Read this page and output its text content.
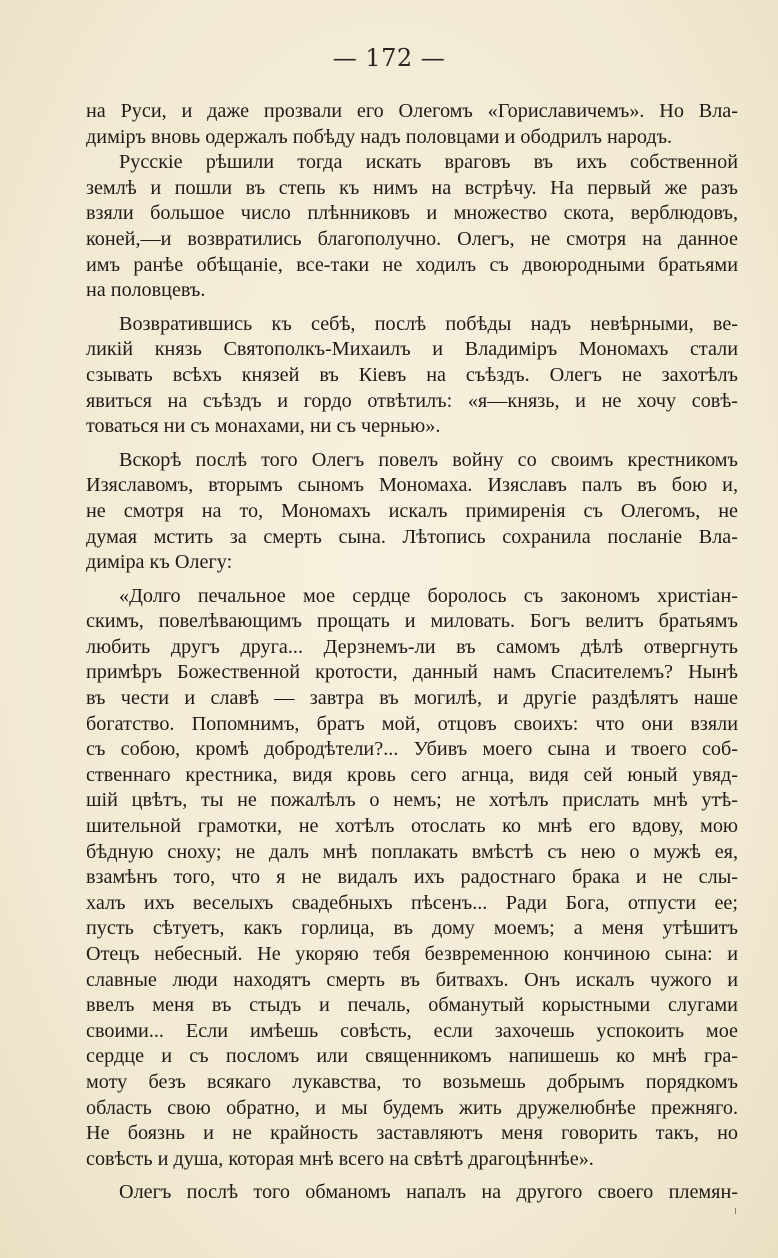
— 172 —
на Руси, и даже прозвали его Олегомъ «Гориславичемъ». Но Вла-
диміръ вновь одержалъ побѣду надъ половцами и ободрилъ народъ.
Русскіе рѣшили тогда искать враговъ въ ихъ собственной
землѣ и пошли въ степь къ нимъ на встрѣчу. На первый же разъ
взяли большое число плѣнниковъ и множество скота, верблюдовъ,
коней,—и возвратились благополучно. Олегъ, не смотря на данное
имъ ранѣе обѣщаніе, все-таки не ходилъ съ двоюродными братьями
на половцевъ.
Возвратившись къ себѣ, послѣ побѣды надъ невѣрными, ве-
ликій князь Святополкъ-Михаилъ и Владиміръ Мономахъ стали
сзывать всѣхъ князей въ Кіевъ на съѣздъ. Олегъ не захотѣлъ
явиться на съѣздъ и гордо отвѣтилъ: «я—князь, и не хочу совѣ-
товаться ни съ монахами, ни съ чернью».
Вскорѣ послѣ того Олегъ повелъ войну со своимъ крестникомъ
Изяславомъ, вторымъ сыномъ Мономаха. Изяславъ палъ въ бою и,
не смотря на то, Мономахъ искалъ примиренія съ Олегомъ, не
думая мстить за смерть сына. Лѣтопись сохранила посланіе Вла-
диміра къ Олегу:
«Долго печальное мое сердце боролось съ закономъ христіан-
скимъ, повелѣвающимъ прощать и миловать. Богъ велитъ братьямъ
любить другъ друга... Дерзнемъ-ли въ самомъ дѣлѣ отвергнуть
примѣръ Божественной кротости, данный намъ Спасителемъ? Нынѣ
въ чести и славѣ — завтра въ могилѣ, и другіе раздѣлятъ наше
богатство. Попомнимъ, братъ мой, отцовъ своихъ: что они взяли
съ собою, кромѣ добродѣтели?... Убивъ моего сына и твоего соб-
ственнаго крестника, видя кровь сего агнца, видя сей юный увяд-
шій цвѣтъ, ты не пожалѣлъ о немъ; не хотѣлъ прислать мнѣ утѣ-
шительной грамотки, не хотѣлъ отослать ко мнѣ его вдову, мою
бѣдную сноху; не далъ мнѣ поплакать вмѣстѣ съ нею о мужѣ ея,
взамѣнъ того, что я не видалъ ихъ радостнаго брака и не слы-
халъ ихъ веселыхъ свадебныхъ пѣсенъ... Ради Бога, отпусти ее;
пусть сѣтуетъ, какъ горлица, въ дому моемъ; а меня утѣшитъ
Отецъ небесный. Не укоряю тебя безвременною кончиною сына: и
славные люди находятъ смерть въ битвахъ. Онъ искалъ чужого и
ввелъ меня въ стыдъ и печаль, обманутый корыстными слугами
своими... Если имѣешь совѣсть, если захочешь успокоить мое
сердце и съ посломъ или священникомъ напишешь ко мнѣ гра-
моту безъ всякаго лукавства, то возьмешь добрымъ порядкомъ
область свою обратно, и мы будемъ жить дружелюбнѣе прежняго.
Не боязнь и не крайность заставляютъ меня говорить такъ, но
совѣсть и душа, которая мнѣ всего на свѣтѣ драгоцѣннѣе».
Олегъ послѣ того обманомъ напалъ на другого своего племян-
